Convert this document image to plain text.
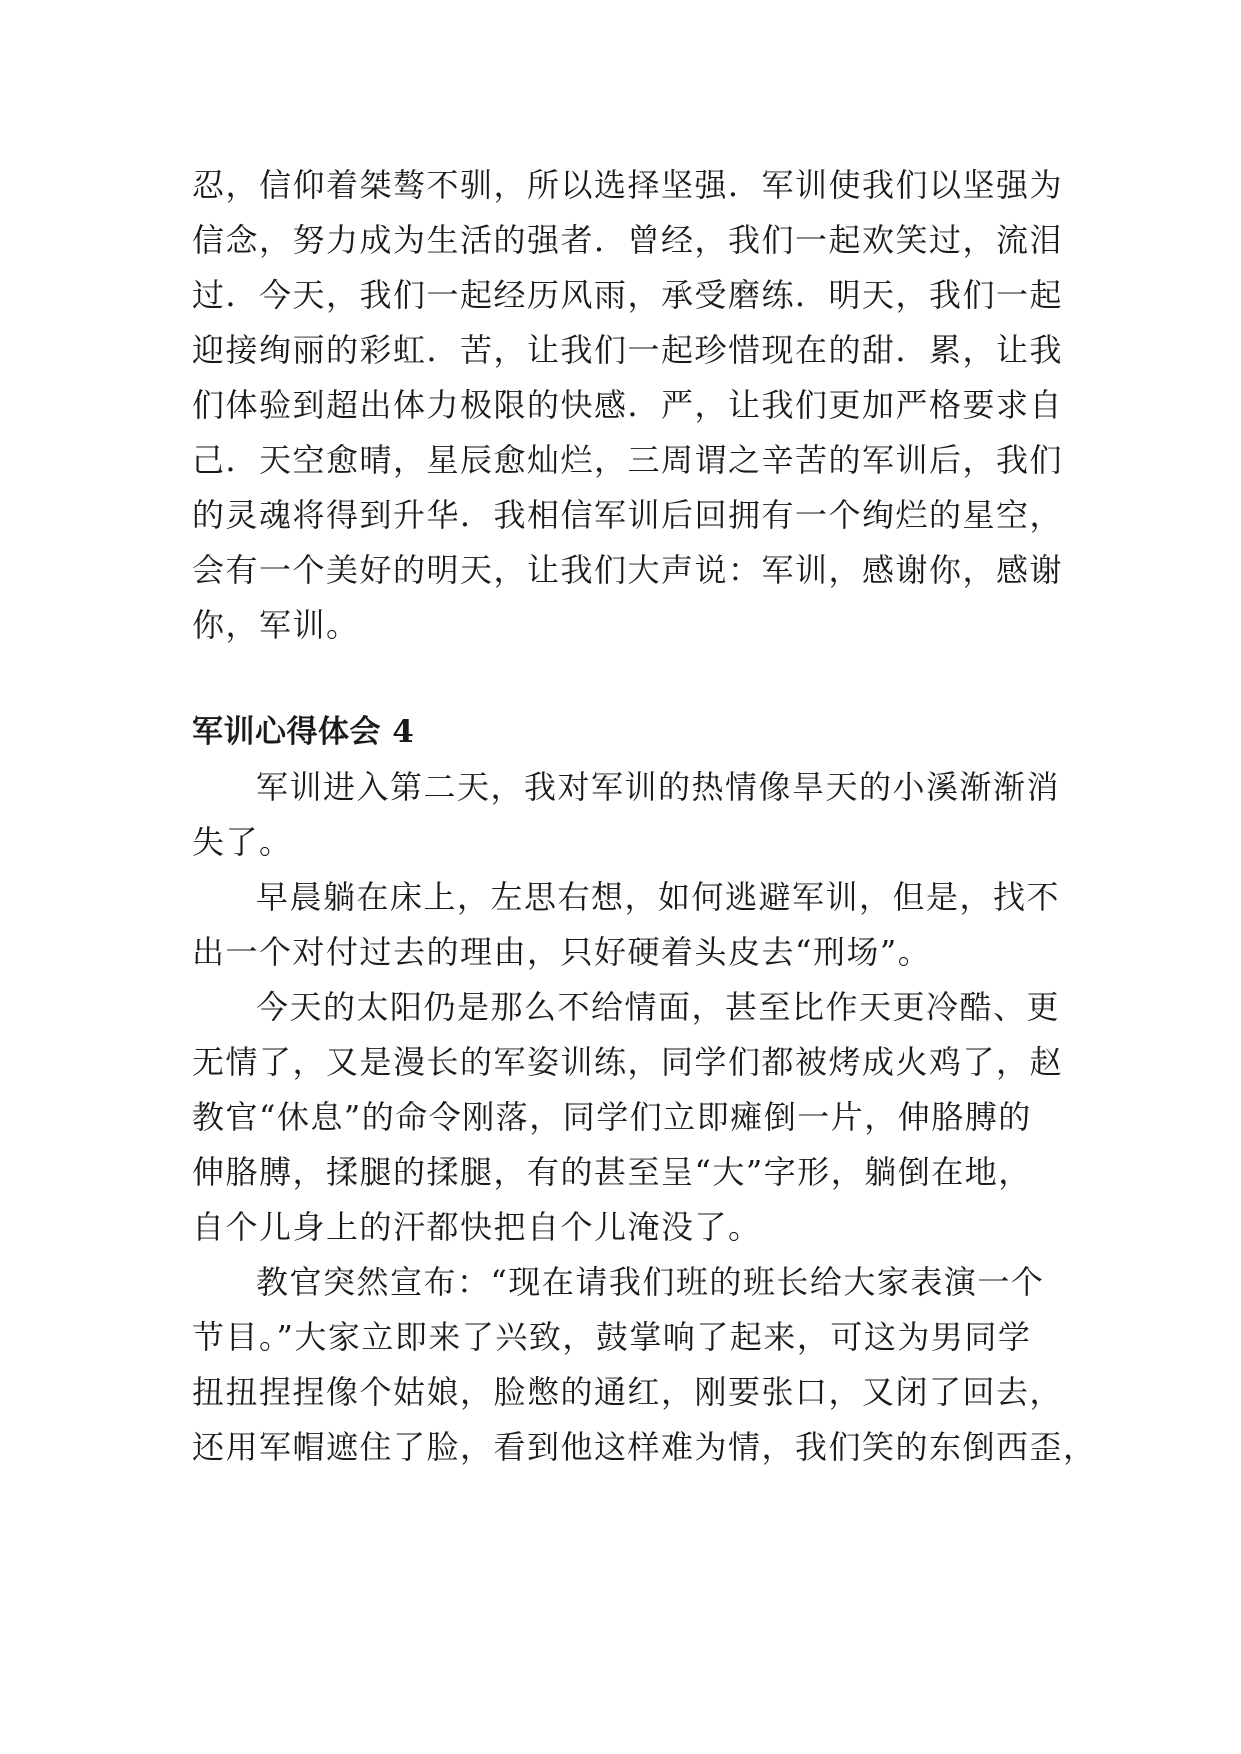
忍，信仰着桀骜不驯，所以选择坚强．军训使我们以坚强为
信念，努力成为生活的强者．曾经，我们一起欢笑过，流泪
过．今天，我们一起经历风雨，承受磨练．明天，我们一起
迎接绚丽的彩虹．苦，让我们一起珍惜现在的甜．累，让我
们体验到超出体力极限的快感．严，让我们更加严格要求自
己．天空愈晴，星辰愈灿烂，三周谓之辛苦的军训后，我们
的灵魂将得到升华．我相信军训后回拥有一个绚烂的星空，
会有一个美好的明天，让我们大声说：军训，感谢你，感谢
你，军训。
军训心得体会 4
军训进入第二天，我对军训的热情像旱天的小溪渐渐消
失了。
早晨躺在床上，左思右想，如何逃避军训，但是，找不
出一个对付过去的理由，只好硬着头皮去“刑场”。
今天的太阳仍是那么不给情面，甚至比作天更冷酷、更
无情了，又是漫长的军姿训练，同学们都被烤成火鸡了，赵
教官“休息”的命令刚落，同学们立即瘫倒一片，伸胳膊的
伸胳膊，揉腿的揉腿，有的甚至呈“大”字形，躺倒在地，
自个儿身上的汗都快把自个儿淹没了。
教官突然宣布：“现在请我们班的班长给大家表演一个
节目。”大家立即来了兴致，鼓掌响了起来，可这为男同学
扭扭捏捏像个姑娘，脸憋的通红，刚要张口，又闭了回去，
还用军帽遮住了脸，看到他这样难为情，我们笑的东倒西歪，
